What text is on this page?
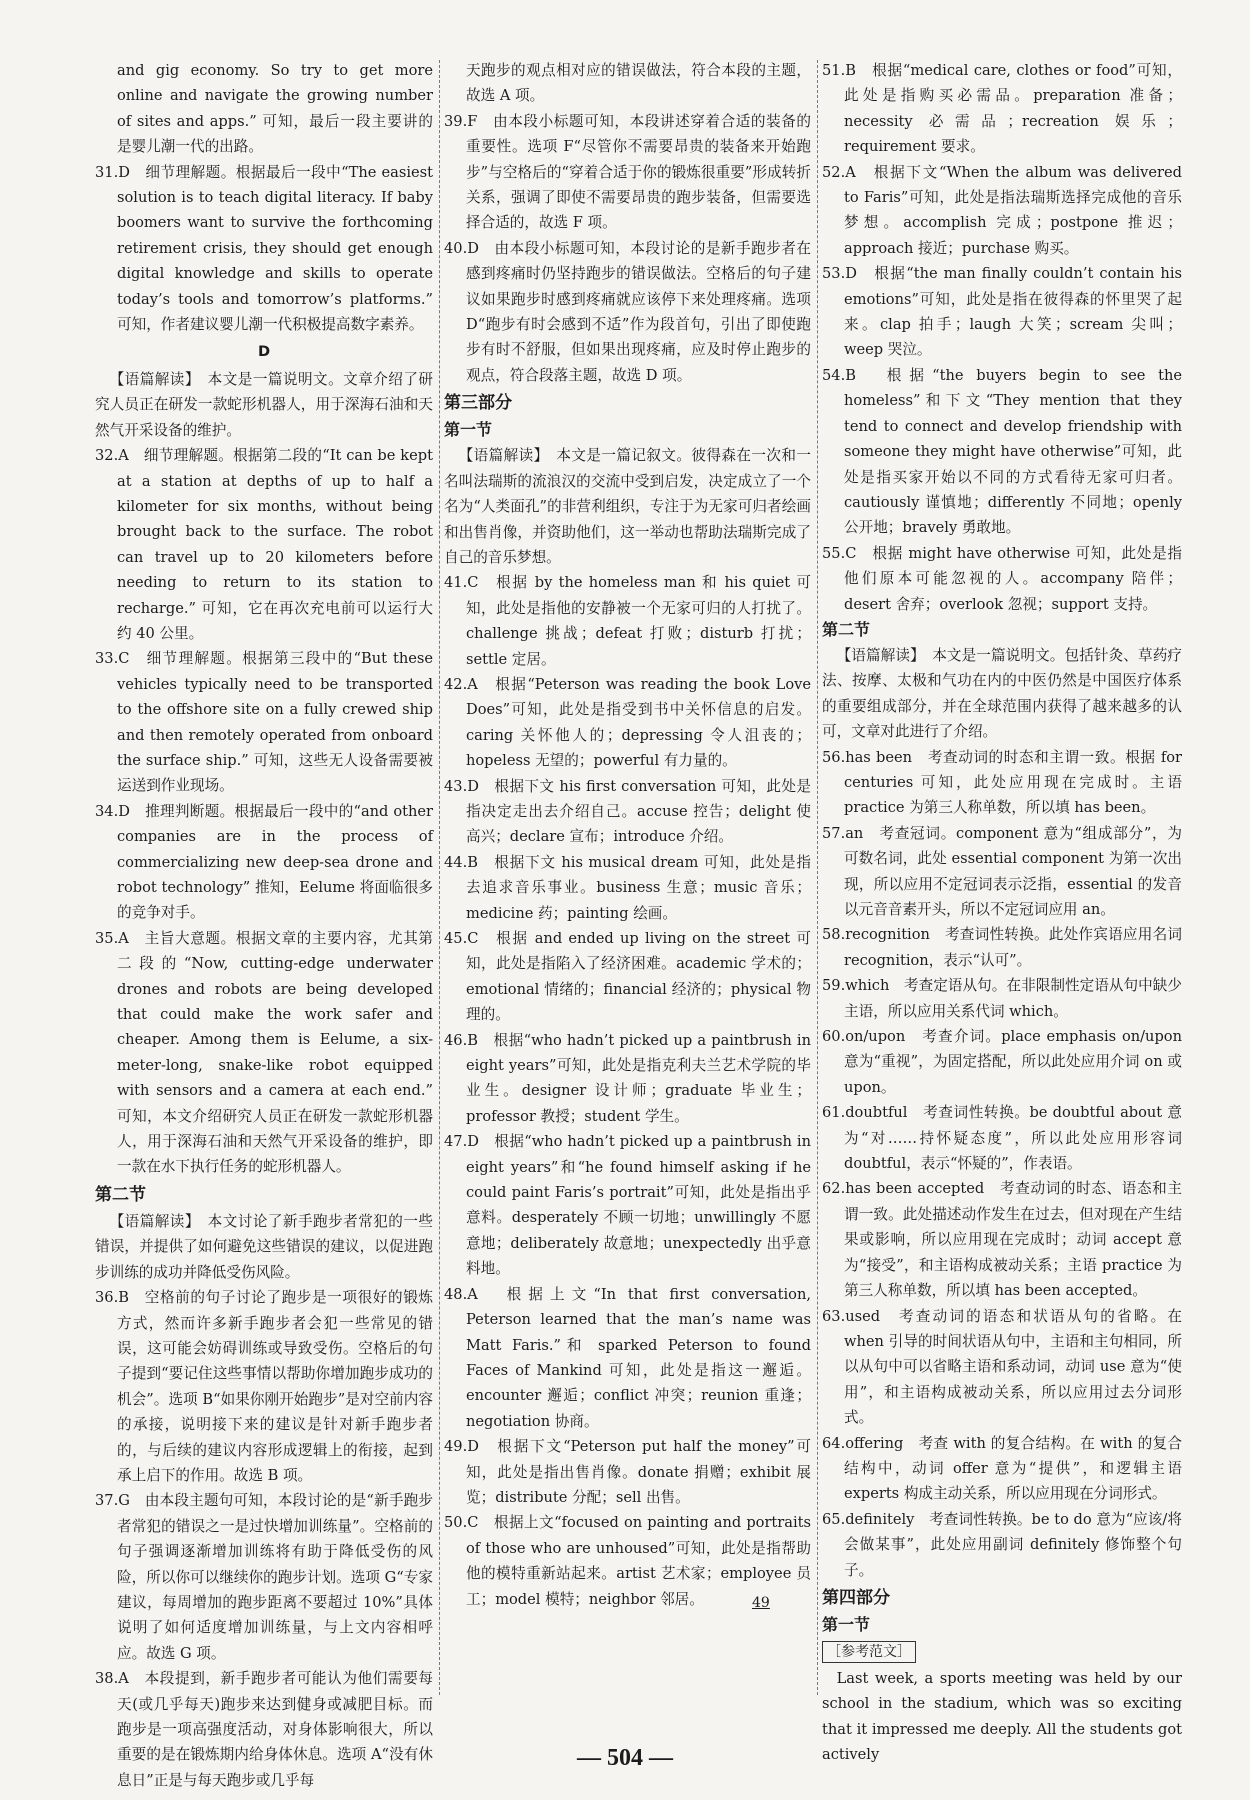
and gig economy. So try to get more online and navigate the growing number of sites and apps.” 可知，最后一段主要讲的是婴儿潮一代的出路。

31.D　细节理解题。根据最后一段中“The easiest solution is to teach digital literacy. If baby boomers want to survive the forthcoming retirement crisis, they should get enough digital knowledge and skills to operate today’s tools and tomorrow’s platforms.” 可知，作者建议婴儿潮一代积极提高数字素养。

D

【语篇解读】　本文是一篇说明文。文章介绍了研究人员正在研发一款蛇形机器人，用于深海石油和天然气开采设备的维护。

32.A　细节理解题。根据第二段的“It can be kept at a station at depths of up to half a kilometer for six months, without being brought back to the surface. The robot can travel up to 20 kilometers before needing to return to its station to recharge.” 可知，它在再次充电前可以运行大约 40 公里。

33.C　细节理解题。根据第三段中的“But these vehicles typically need to be transported to the offshore site on a fully crewed ship and then remotely operated from onboard the surface ship.” 可知，这些无人设备需要被运送到作业现场。

34.D　推理判断题。根据最后一段中的“and other companies are in the process of commercializing new deep-sea drone and robot technology” 推知，Eelume 将面临很多的竞争对手。

35.A　主旨大意题。根据文章的主要内容，尤其第二段的“Now, cutting-edge underwater drones and robots are being developed that could make the work safer and cheaper. Among them is Eelume, a six-meter-long, snake-like robot equipped with sensors and a camera at each end.” 可知，本文介绍研究人员正在研发一款蛇形机器人，用于深海石油和天然气开采设备的维护，即一款在水下执行任务的蛇形机器人。

第二节

【语篇解读】　本文讨论了新手跑步者常犯的一些错误，并提供了如何避免这些错误的建议，以促进跑步训练的成功并降低受伤风险。

36.B　空格前的句子讨论了跑步是一项很好的锻炼方式，然而许多新手跑步者会犯一些常见的错误，这可能会妨碍训练或导致受伤。空格后的句子提到“要记住这些事情以帮助你增加跑步成功的机会”。选项 B“如果你刚开始跑步”是对空前内容的承接，说明接下来的建议是针对新手跑步者的，与后续的建议内容形成逻辑上的衔接，起到承上启下的作用。故选 B 项。

37.G　由本段主题句可知，本段讨论的是“新手跑步者常犯的错误之一是过快增加训练量”。空格前的句子强调逐渐增加训练将有助于降低受伤的风险，所以你可以继续你的跑步计划。选项 G“专家建议，每周增加的跑步距离不要超过 10%”具体说明了如何适度增加训练量，与上文内容相呼应。故选 G 项。

38.A　本段提到，新手跑步者可能认为他们需要每天(或几乎每天)跑步来达到健身或减肥目标。而跑步是一项高强度活动，对身体影响很大，所以重要的是在锻炼期内给身体休息。选项 A“没有休息日”正是与每天跑步或几乎每

天跑步的观点相对应的错误做法，符合本段的主题，故选 A 项。

39.F　由本段小标题可知，本段讲述穿着合适的装备的重要性。选项 F“尽管你不需要昂贵的装备来开始跑步”与空格后的“穿着合适于你的锻炼很重要”形成转折关系，强调了即使不需要昂贵的跑步装备，但需要选择合适的，故选 F 项。

40.D　由本段小标题可知，本段讨论的是新手跑步者在感到疼痛时仍坚持跑步的错误做法。空格后的句子建议如果跑步时感到疼痛就应该停下来处理疼痛。选项 D“跑步有时会感到不适”作为段首句，引出了即使跑步有时不舒服，但如果出现疼痛，应及时停止跑步的观点，符合段落主题，故选 D 项。

第三部分

第一节

【语篇解读】　本文是一篇记叙文。彼得森在一次和一名叫法瑞斯的流浪汉的交流中受到启发，决定成立了一个名为“人类面孔”的非营利组织，专注于为无家可归者绘画和出售肖像，并资助他们，这一举动也帮助法瑞斯完成了自己的音乐梦想。

41.C　根据 by the homeless man 和 his quiet 可知，此处是指他的安静被一个无家可归的人打扰了。challenge 挑战；defeat 打败；disturb 打扰；settle 定居。

42.A　根据“Peterson was reading the book Love Does”可知，此处是指受到书中关怀信息的启发。caring 关怀他人的；depressing 令人沮丧的；hopeless 无望的；powerful 有力量的。

43.D　根据下文 his first conversation 可知，此处是指决定走出去介绍自己。accuse 控告；delight 使高兴；declare 宣布；introduce 介绍。

44.B　根据下文 his musical dream 可知，此处是指去追求音乐事业。business 生意；music 音乐；medicine 药；painting 绘画。

45.C　根据 and ended up living on the street 可知，此处是指陷入了经济困难。academic 学术的；emotional 情绪的；financial 经济的；physical 物理的。

46.B　根据“who hadn’t picked up a paintbrush in eight years”可知，此处是指克利夫兰艺术学院的毕业生。designer 设计师；graduate 毕业生；professor 教授；student 学生。

47.D　根据“who hadn’t picked up a paintbrush in eight years”和“he found himself asking if he could paint Faris’s portrait”可知，此处是指出乎意料。desperately 不顾一切地；unwillingly 不愿意地；deliberately 故意地；unexpectedly 出乎意料地。

48.A　根据上文“In that first conversation, Peterson learned that the man’s name was Matt Faris.”和 sparked Peterson to found Faces of Mankind 可知，此处是指这一邂逅。encounter 邂逅；conflict 冲突；reunion 重逢；negotiation 协商。

49.D　根据下文“Peterson put half the money”可知，此处是指出售肖像。donate 捐赠；exhibit 展览；distribute 分配；sell 出售。

50.C　根据上文“focused on painting and portraits of those who are unhoused”可知，此处是指帮助他的模特重新站起来。artist 艺术家；employee 员工；model 模特；neighbor 邻居。

51.B　根据“medical care, clothes or food”可知，此处是指购买必需品。preparation 准备；necessity 必需品；recreation 娱乐；requirement 要求。

52.A　根据下文“When the album was delivered to Faris”可知，此处是指法瑞斯选择完成他的音乐梦想。accomplish 完成；postpone 推迟；approach 接近；purchase 购买。

53.D　根据“the man finally couldn’t contain his emotions”可知，此处是指在彼得森的怀里哭了起来。clap 拍手；laugh 大笑；scream 尖叫；weep 哭泣。

54.B　根据“the buyers begin to see the homeless”和下文“They mention that they tend to connect and develop friendship with someone they might have otherwise”可知，此处是指买家开始以不同的方式看待无家可归者。cautiously 谨慎地；differently 不同地；openly 公开地；bravely 勇敢地。

55.C　根据 might have otherwise 可知，此处是指他们原本可能忽视的人。accompany 陪伴；desert 舍弃；overlook 忽视；support 支持。

第二节

【语篇解读】　本文是一篇说明文。包括针灸、草药疗法、按摩、太极和气功在内的中医仍然是中国医疗体系的重要组成部分，并在全球范围内获得了越来越多的认可，文章对此进行了介绍。

56.has been　考查动词的时态和主谓一致。根据 for centuries 可知，此处应用现在完成时。主语 practice 为第三人称单数，所以填 has been。

57.an　考查冠词。component 意为“组成部分”，为可数名词，此处 essential component 为第一次出现，所以应用不定冠词表示泛指，essential 的发音以元音音素开头，所以不定冠词应用 an。

58.recognition　考查词性转换。此处作宾语应用名词 recognition，表示“认可”。

59.which　考查定语从句。在非限制性定语从句中缺少主语，所以应用关系代词 which。

60.on/upon　考查介词。place emphasis on/upon 意为“重视”，为固定搭配，所以此处应用介词 on 或 upon。

61.doubtful　考查词性转换。be doubtful about 意为“对……持怀疑态度”，所以此处应用形容词 doubtful，表示“怀疑的”，作表语。

62.has been accepted　考查动词的时态、语态和主谓一致。此处描述动作发生在过去，但对现在产生结果或影响，所以应用现在完成时；动词 accept 意为“接受”，和主语构成被动关系；主语 practice 为第三人称单数，所以填 has been accepted。

63.used　考查动词的语态和状语从句的省略。在 when 引导的时间状语从句中，主语和主句相同，所以从句中可以省略主语和系动词，动词 use 意为“使用”，和主语构成被动关系，所以应用过去分词形式。

64.offering　考查 with 的复合结构。在 with 的复合结构中，动词 offer 意为“提供”，和逻辑主语 experts 构成主动关系，所以应用现在分词形式。

65.definitely　考查词性转换。be to do 意为“应该/将会做某事”，此处应用副词 definitely 修饰整个句子。

第四部分

第一节

［参考范文］

Last week, a sports meeting was held by our school in the stadium, which was so exciting that it impressed me deeply. All the students got actively

49
— 504 —
